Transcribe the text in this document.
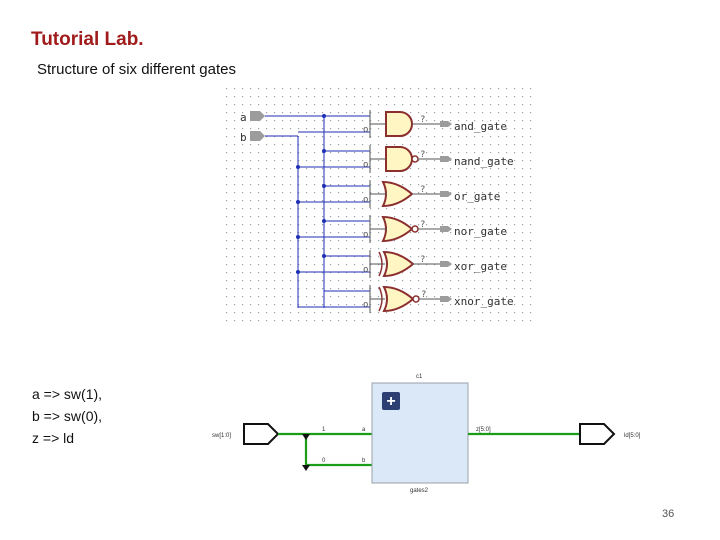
Tutorial Lab.
Structure of six different gates
a
b
o
?	and_gate
o
?	nand_gate
o
?	or_gate
o
?	nor_gate
o
?	xor_gate
o
?	xnor_gate
sw[1:0]
1
0
+
a
b
z[5:0]
c1
gates2
ld[5:0]
a => sw(1),
b => sw(0),
z => ld
36
